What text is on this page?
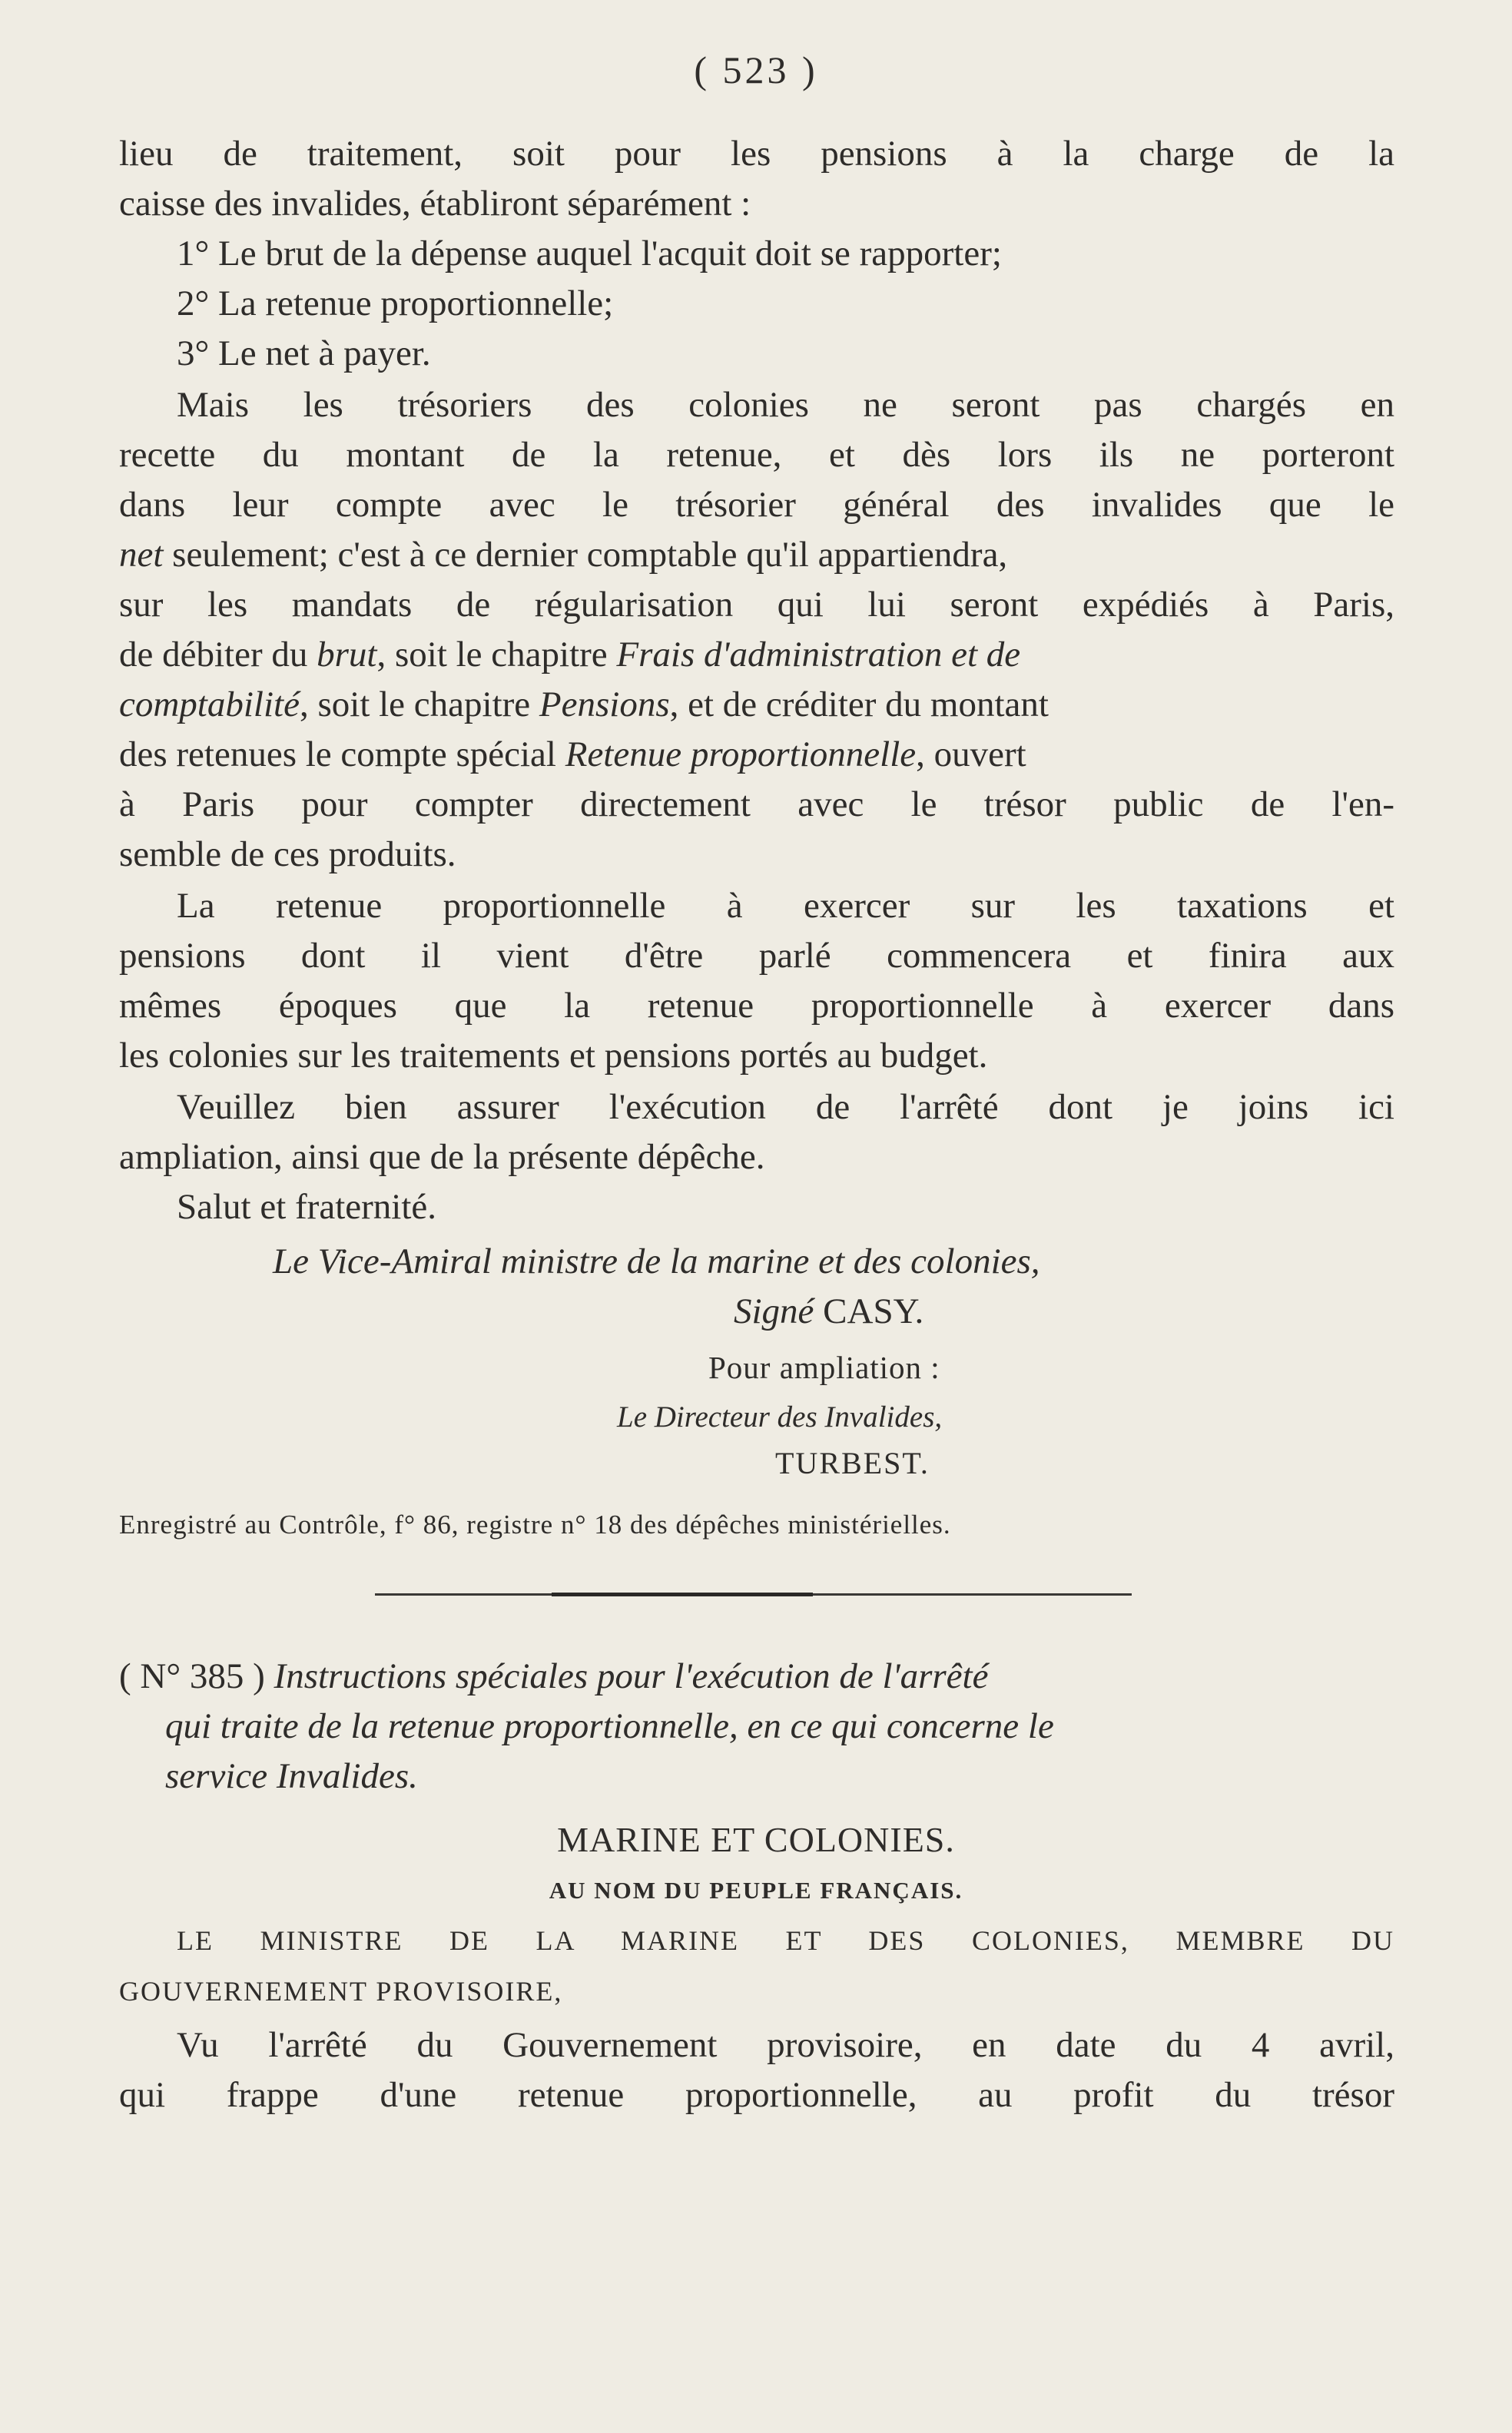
( 523 )
lieu de traitement, soit pour les pensions à la charge de la
caisse des invalides, établiront séparément :
1° Le brut de la dépense auquel l'acquit doit se rapporter;
2° La retenue proportionnelle;
3° Le net à payer.
Mais les trésoriers des colonies ne seront pas chargés en
recette du montant de la retenue, et dès lors ils ne porteront
dans leur compte avec le trésorier général des invalides que le
net seulement; c'est à ce dernier comptable qu'il appartiendra,
sur les mandats de régularisation qui lui seront expédiés à Paris,
de débiter du brut, soit le chapitre Frais d'administration et de
comptabilité, soit le chapitre Pensions, et de créditer du montant
des retenues le compte spécial Retenue proportionnelle, ouvert
à Paris pour compter directement avec le trésor public de l'en-
semble de ces produits.
La retenue proportionnelle à exercer sur les taxations et
pensions dont il vient d'être parlé commencera et finira aux
mêmes époques que la retenue proportionnelle à exercer dans
les colonies sur les traitements et pensions portés au budget.
Veuillez bien assurer l'exécution de l'arrêté dont je joins ici
ampliation, ainsi que de la présente dépêche.
Salut et fraternité.
Le Vice-Amiral ministre de la marine et des colonies,
Signé CASY.
Pour ampliation :
Le Directeur des Invalides,
TURBEST.
Enregistré au Contrôle, f° 86, registre n° 18 des dépêches ministérielles.
( N° 385 ) Instructions spéciales pour l'exécution de l'arrêté
qui traite de la retenue proportionnelle, en ce qui concerne le
service Invalides.
MARINE ET COLONIES.
AU NOM DU PEUPLE FRANÇAIS.
LE MINISTRE DE LA MARINE ET DES COLONIES, MEMBRE DU
GOUVERNEMENT PROVISOIRE,
Vu l'arrêté du Gouvernement provisoire, en date du 4 avril,
qui frappe d'une retenue proportionnelle, au profit du trésor
